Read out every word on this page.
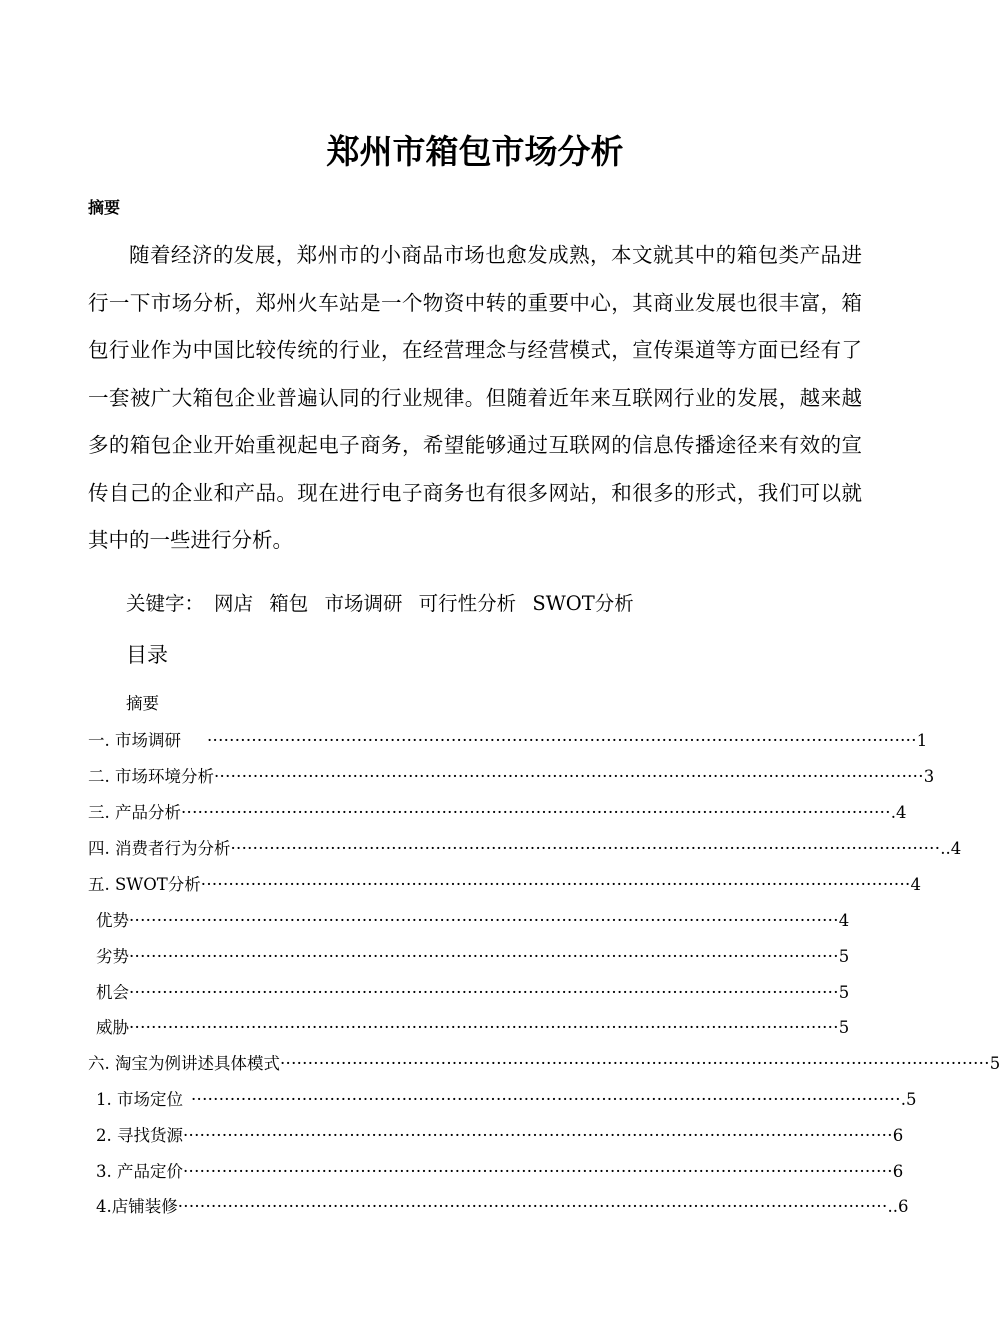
郑州市箱包市场分析
摘要

随着经济的发展，郑州市的小商品市场也愈发成熟，本文就其中的箱包类产品进行一下市场分析，郑州火车站是一个物资中转的重要中心，其商业发展也很丰富，箱包行业作为中国比较传统的行业，在经营理念与经营模式，宣传渠道等方面已经有了一套被广大箱包企业普遍认同的行业规律。但随着近年来互联网行业的发展，越来越多的箱包企业开始重视起电子商务，希望能够通过互联网的信息传播途径来有效的宣传自己的企业和产品。现在进行电子商务也有很多网站，和很多的形式，我们可以就其中的一些进行分析。

关键字： 网店 箱包 市场调研 可行性分析 SWOT分析
目录
摘要
一. 市场调研 ································································································································ 1
二. 市场环境分析 ································································································································ 3
三. 产品分析 ································································································································ .4
四. 消费者行为分析 ································································································································ ..4
五. SWOT分析 ································································································································ 4
优势 ································································································································ 4
劣势 ································································································································ 5
机会 ································································································································ 5
威胁 ································································································································ 5
六. 淘宝为例讲述具体模式 ································································································································ 5
1. 市场定位 ································································································································ .5
2. 寻找货源 ································································································································ 6
3. 产品定价 ································································································································ 6
4.店铺装修 ································································································································ ..6
